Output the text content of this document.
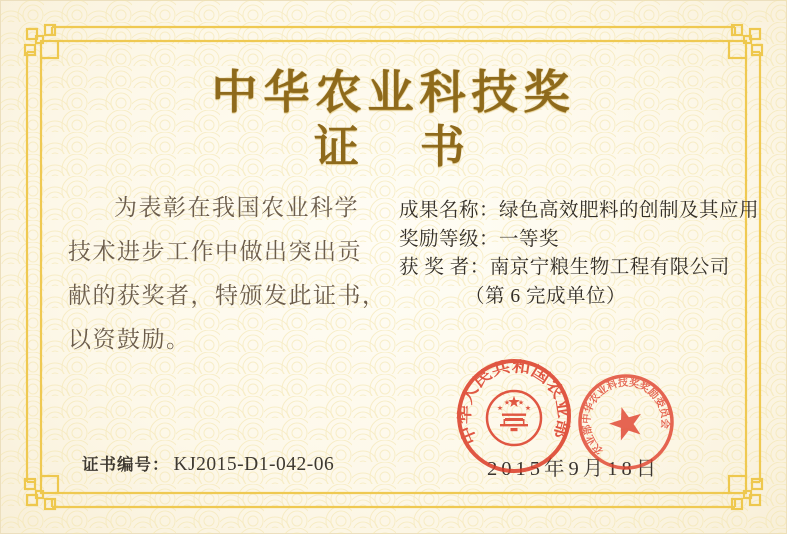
中华农业科技奖
证　书

为表彰在我国农业科学

技术进步工作中做出突出贡

献的获奖者，特颁发此证书，

以资鼓励。

成果名称：绿色高效肥料的创制及其应用
奖励等级：一等奖
获 奖 者：南京宁粮生物工程有限公司
（第 6 完成单位）
证书编号： KJ2015-D1-042-06	2015年9月18日
中华人民共和国农业部
农业部中华农业科技奖奖励委员会
